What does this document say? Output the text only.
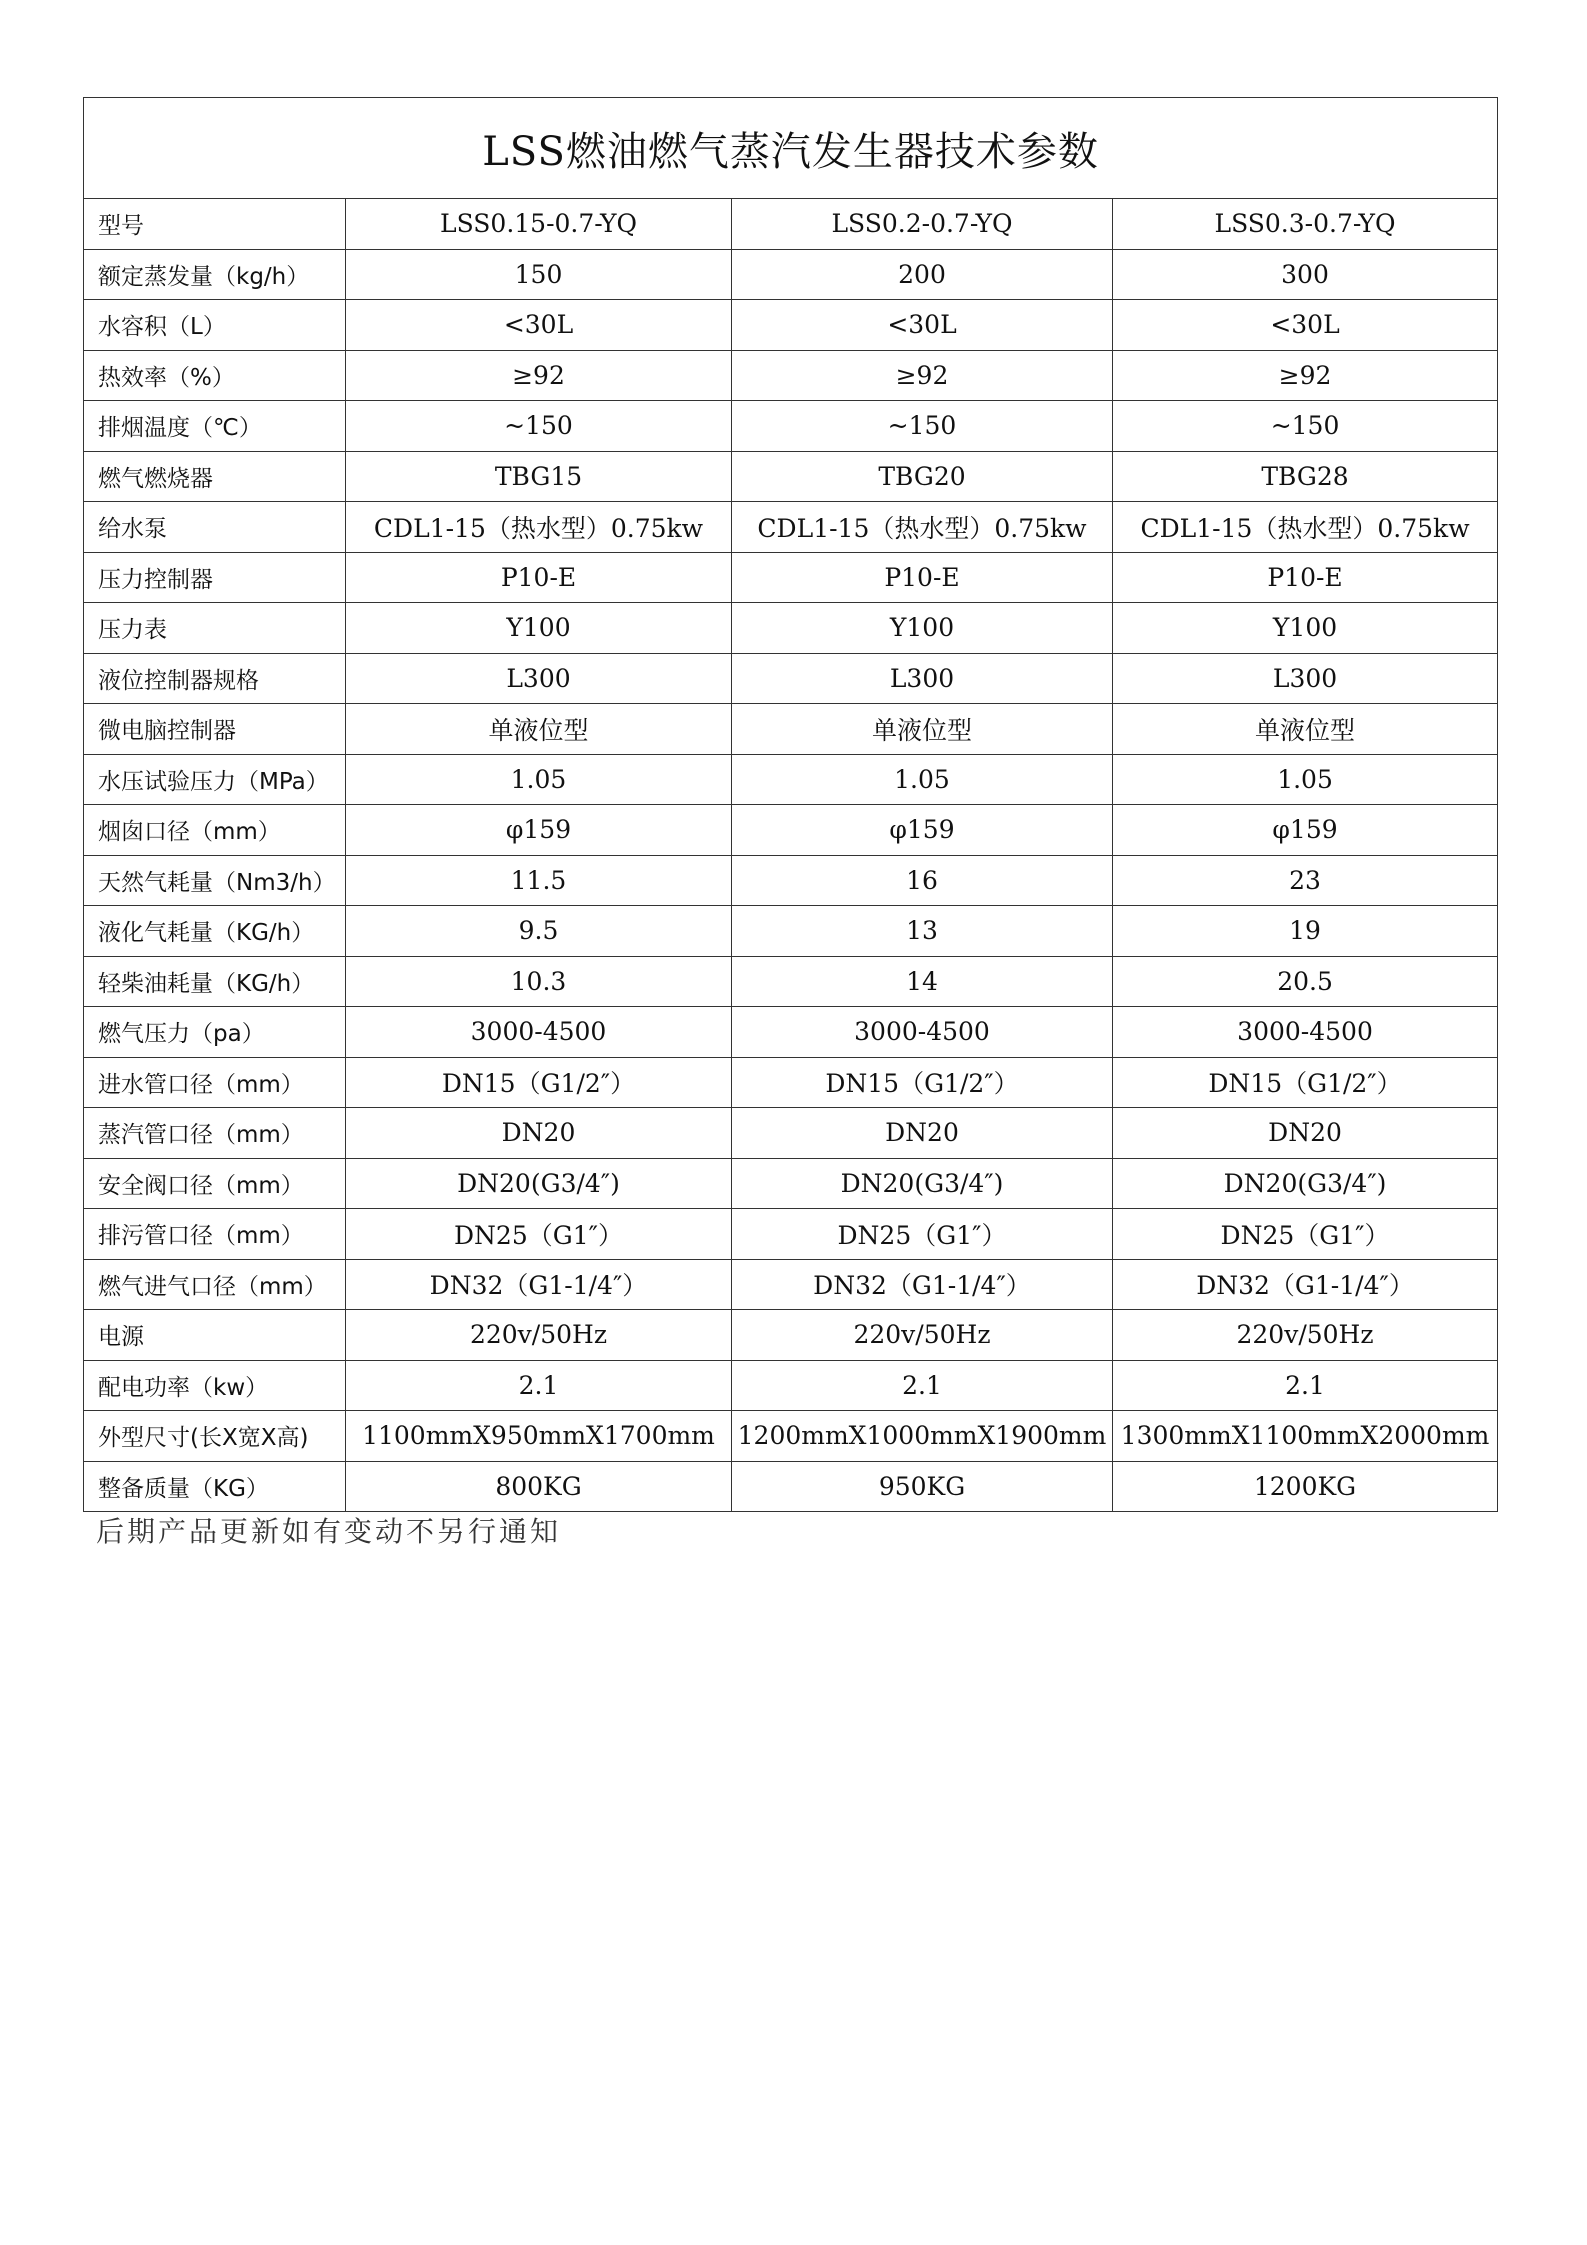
LSS燃油燃气蒸汽发生器技术参数			
型号	LSS0.15-0.7-YQ	LSS0.2-0.7-YQ	LSS0.3-0.7-YQ
额定蒸发量（kg/h）	150	200	300
水容积（L）	<30L	<30L	<30L
热效率（%）	≥92	≥92	≥92
排烟温度（℃）	~150	~150	~150
燃气燃烧器	TBG15	TBG20	TBG28
给水泵	CDL1-15（热水型）0.75kw	CDL1-15（热水型）0.75kw	CDL1-15（热水型）0.75kw
压力控制器	P10-E	P10-E	P10-E
压力表	Y100	Y100	Y100
液位控制器规格	L300	L300	L300
微电脑控制器	单液位型	单液位型	单液位型
水压试验压力（MPa）	1.05	1.05	1.05
烟囱口径（mm）	φ159	φ159	φ159
天然气耗量（Nm3/h）	11.5	16	23
液化气耗量（KG/h）	9.5	13	19
轻柴油耗量（KG/h）	10.3	14	20.5
燃气压力（pa）	3000-4500	3000-4500	3000-4500
进水管口径（mm）	DN15（G1/2″）	DN15（G1/2″）	DN15（G1/2″）
蒸汽管口径（mm）	DN20	DN20	DN20
安全阀口径（mm）	DN20(G3/4″)	DN20(G3/4″)	DN20(G3/4″)
排污管口径（mm）	DN25（G1″）	DN25（G1″）	DN25（G1″）
燃气进气口径（mm）	DN32（G1-1/4″）	DN32（G1-1/4″）	DN32（G1-1/4″）
电源	220v/50Hz	220v/50Hz	220v/50Hz
配电功率（kw）	2.1	2.1	2.1
外型尺寸(长X宽X高)	1100mmX950mmX1700mm	1200mmX1000mmX1900mm	1300mmX1100mmX2000mm
整备质量（KG）	800KG	950KG	1200KG
后期产品更新如有变动不另行通知
